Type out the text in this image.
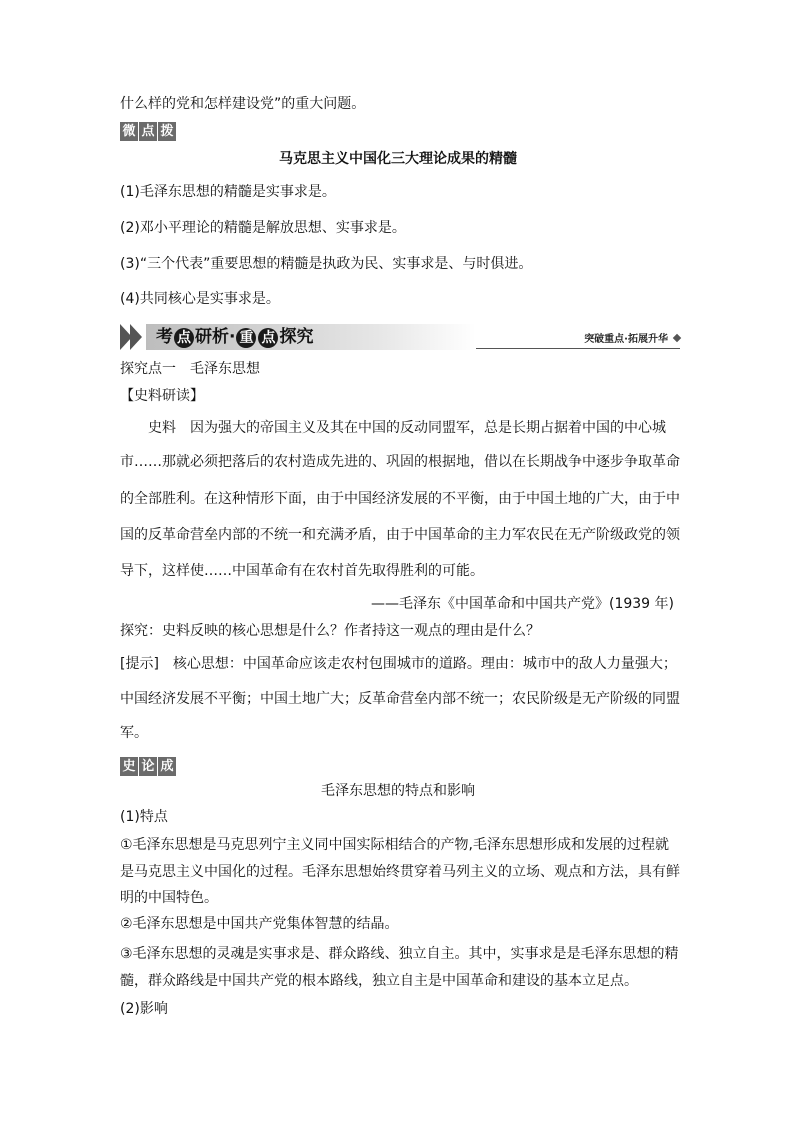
什么样的党和怎样建设党”的重大问题。
微 点 拨
马克思主义中国化三大理论成果的精髓
(1)毛泽东思想的精髓是实事求是。
(2)邓小平理论的精髓是解放思想、实事求是。
(3)“三个代表”重要思想的精髓是执政为民、实事求是、与时俱进。
(4)共同核心是实事求是。
考 点 研析· 重 点 探究	突破重点·拓展升华
探究点一　毛泽东思想
【史料研读】
史料　因为强大的帝国主义及其在中国的反动同盟军，总是长期占据着中国的中心城
市……那就必须把落后的农村造成先进的、巩固的根据地，借以在长期战争中逐步争取革命
的全部胜利。在这种情形下面，由于中国经济发展的不平衡，由于中国土地的广大，由于中
国的反革命营垒内部的不统一和充满矛盾，由于中国革命的主力军农民在无产阶级政党的领
导下，这样使……中国革命有在农村首先取得胜利的可能。
——毛泽东《中国革命和中国共产党》(1939 年)
探究：史料反映的核心思想是什么？作者持这一观点的理由是什么？
[提示]　核心思想：中国革命应该走农村包围城市的道路。理由：城市中的敌人力量强大；
中国经济发展不平衡；中国土地广大；反革命营垒内部不统一；农民阶级是无产阶级的同盟
军。
史 论 成
毛泽东思想的特点和影响
(1)特点
①毛泽东思想是马克思列宁主义同中国实际相结合的产物,毛泽东思想形成和发展的过程就
是马克思主义中国化的过程。毛泽东思想始终贯穿着马列主义的立场、观点和方法，具有鲜
明的中国特色。
②毛泽东思想是中国共产党集体智慧的结晶。
③毛泽东思想的灵魂是实事求是、群众路线、独立自主。其中，实事求是是毛泽东思想的精
髓，群众路线是中国共产党的根本路线，独立自主是中国革命和建设的基本立足点。
(2)影响
